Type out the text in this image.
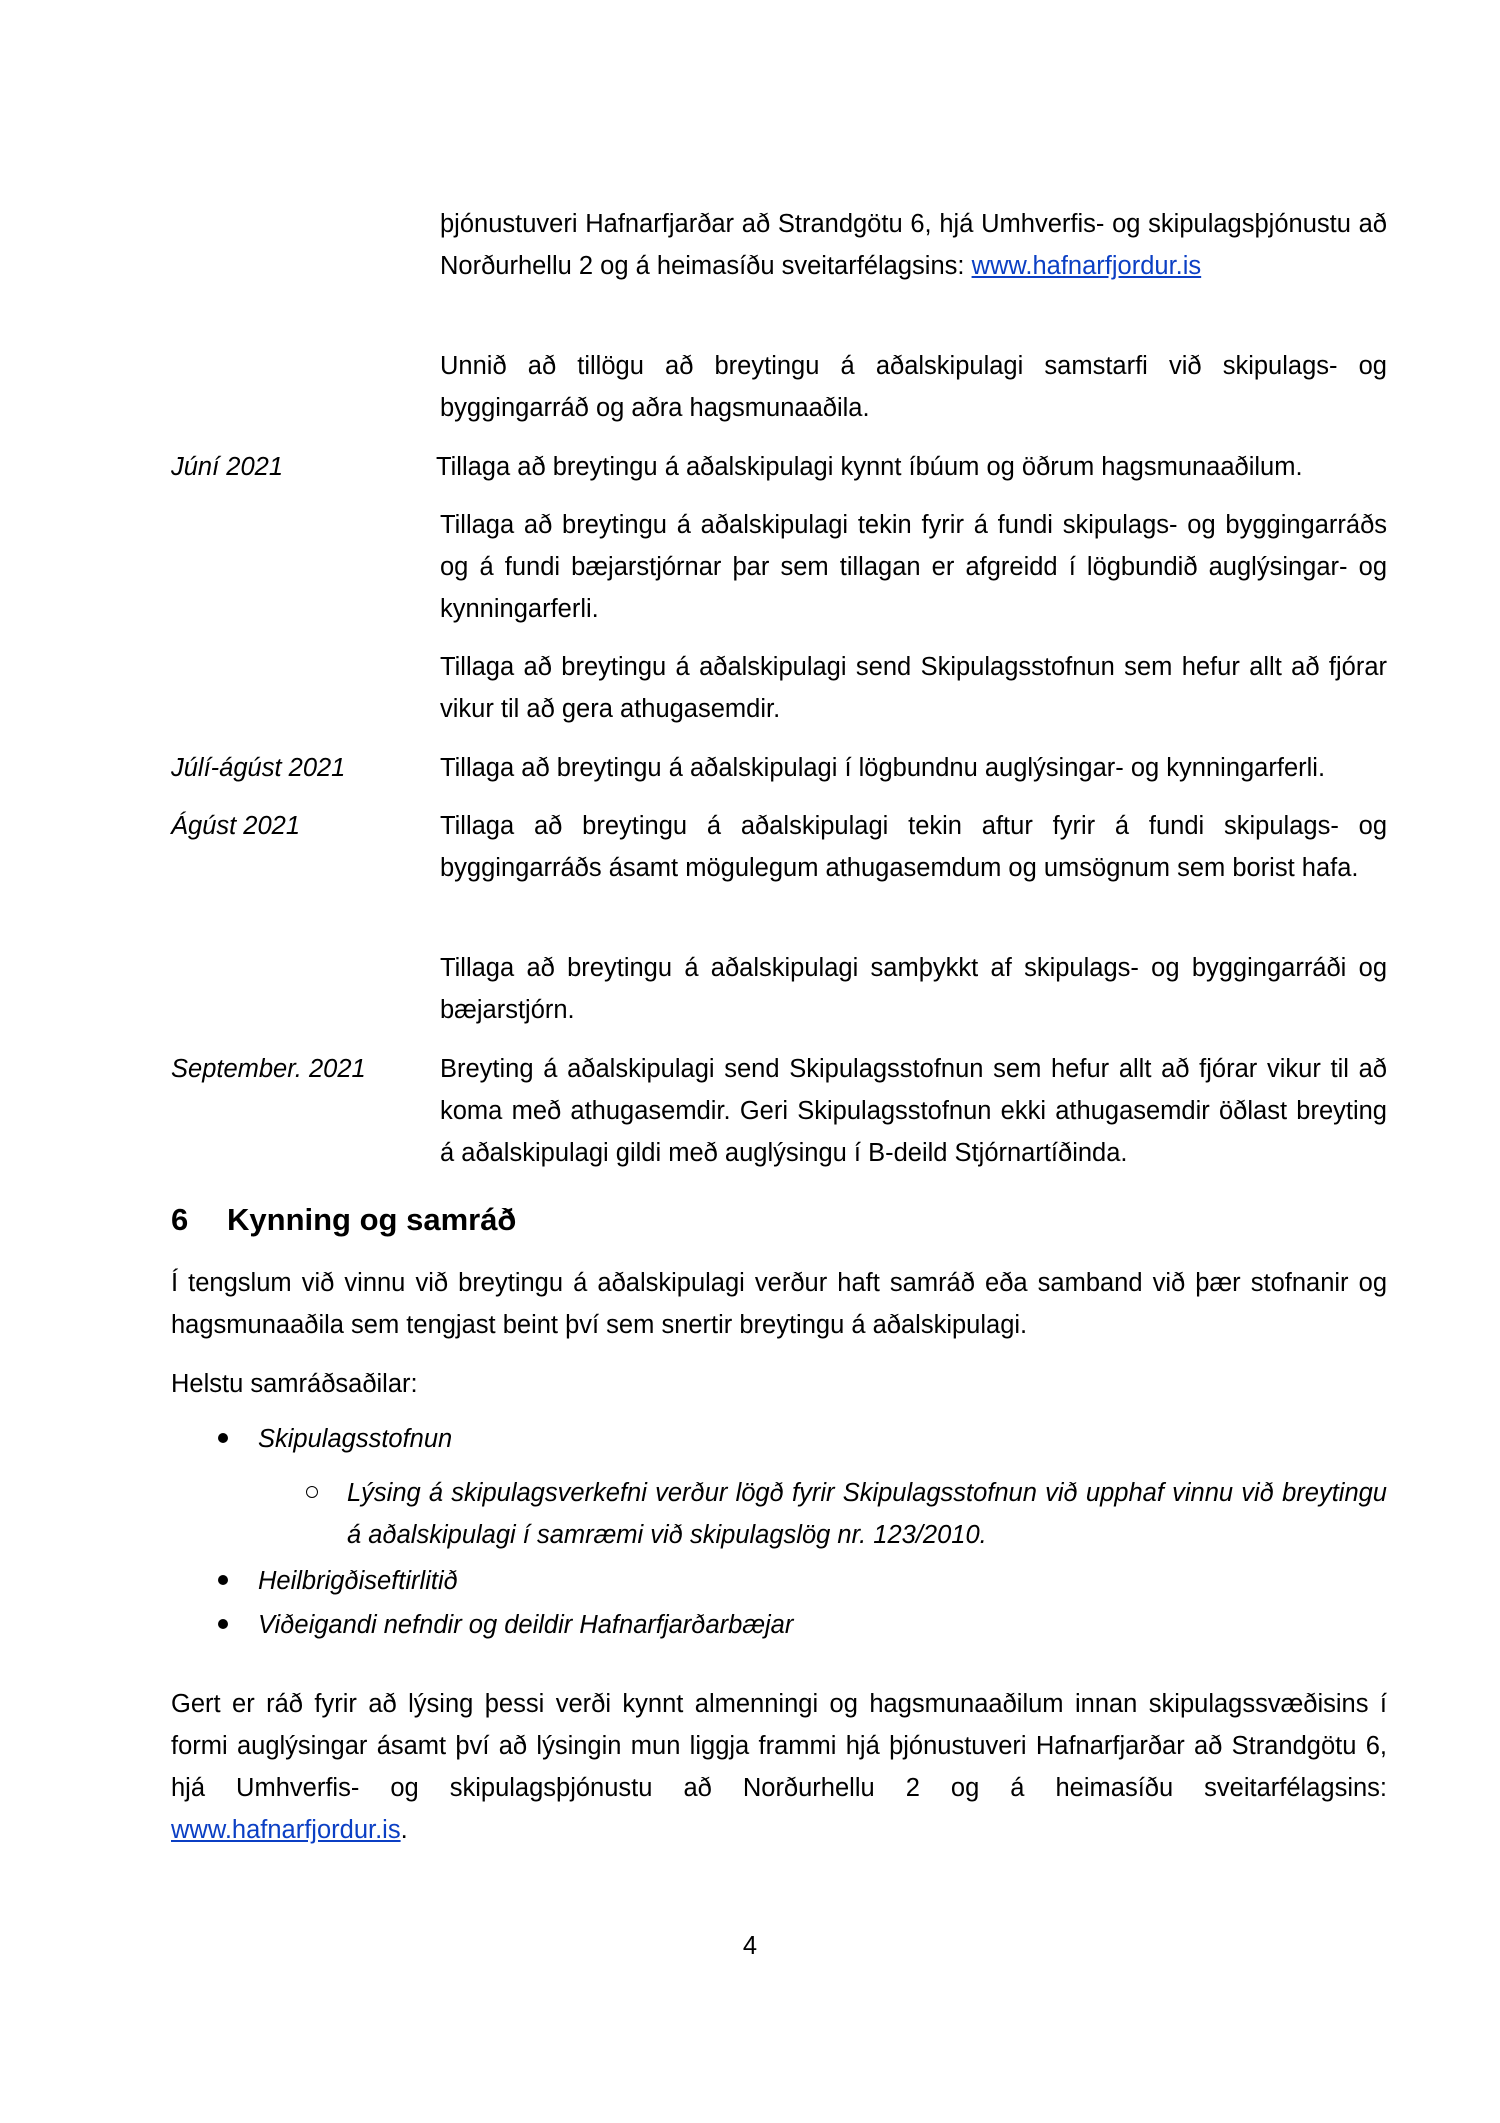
þjónustuveri Hafnarfjarðar að Strandgötu 6, hjá Umhverfis- og skipulagsþjónustu að Norðurhellu 2 og á heimasíðu sveitarfélagsins: www.hafnarfjordur.is
Unnið að tillögu að breytingu á aðalskipulagi samstarfi við skipulags- og byggingarráð og aðra hagsmunaaðila.
Júní 2021	Tillaga að breytingu á aðalskipulagi kynnt íbúum og öðrum hagsmunaaðilum.
Tillaga að breytingu á aðalskipulagi tekin fyrir á fundi skipulags- og byggingarráðs og á fundi bæjarstjórnar þar sem tillagan er afgreidd í lögbundið auglýsingar- og kynningarferli.
Tillaga að breytingu á aðalskipulagi send Skipulagsstofnun sem hefur allt að fjórar vikur til að gera athugasemdir.
Júlí-ágúst 2021	Tillaga að breytingu á aðalskipulagi í lögbundnu auglýsingar- og kynningarferli.
Ágúst 2021	Tillaga að breytingu á aðalskipulagi tekin aftur fyrir á fundi skipulags- og byggingarráðs ásamt mögulegum athugasemdum og umsögnum sem borist hafa.
Tillaga að breytingu á aðalskipulagi samþykkt af skipulags- og byggingarráði og bæjarstjórn.
September. 2021	Breyting á aðalskipulagi send Skipulagsstofnun sem hefur allt að fjórar vikur til að koma með athugasemdir. Geri Skipulagsstofnun ekki athugasemdir öðlast breyting á aðalskipulagi gildi með auglýsingu í B-deild Stjórnartíðinda.
6 Kynning og samráð
Í tengslum við vinnu við breytingu á aðalskipulagi verður haft samráð eða samband við þær stofnanir og hagsmunaaðila sem tengjast beint því sem snertir breytingu á aðalskipulagi.
Helstu samráðsaðilar:
Skipulagsstofnun
Lýsing á skipulagsverkefni verður lögð fyrir Skipulagsstofnun við upphaf vinnu við breytingu á aðalskipulagi í samræmi við skipulagslög nr. 123/2010.
Heilbrigðiseftirlitið
Viðeigandi nefndir og deildir Hafnarfjarðarbæjar
Gert er ráð fyrir að lýsing þessi verði kynnt almenningi og hagsmunaaðilum innan skipulagssvæðisins í formi auglýsingar ásamt því að lýsingin mun liggja frammi hjá þjónustuveri Hafnarfjarðar að Strandgötu 6, hjá Umhverfis- og skipulagsþjónustu að Norðurhellu 2 og á heimasíðu sveitarfélagsins: www.hafnarfjordur.is.
4
